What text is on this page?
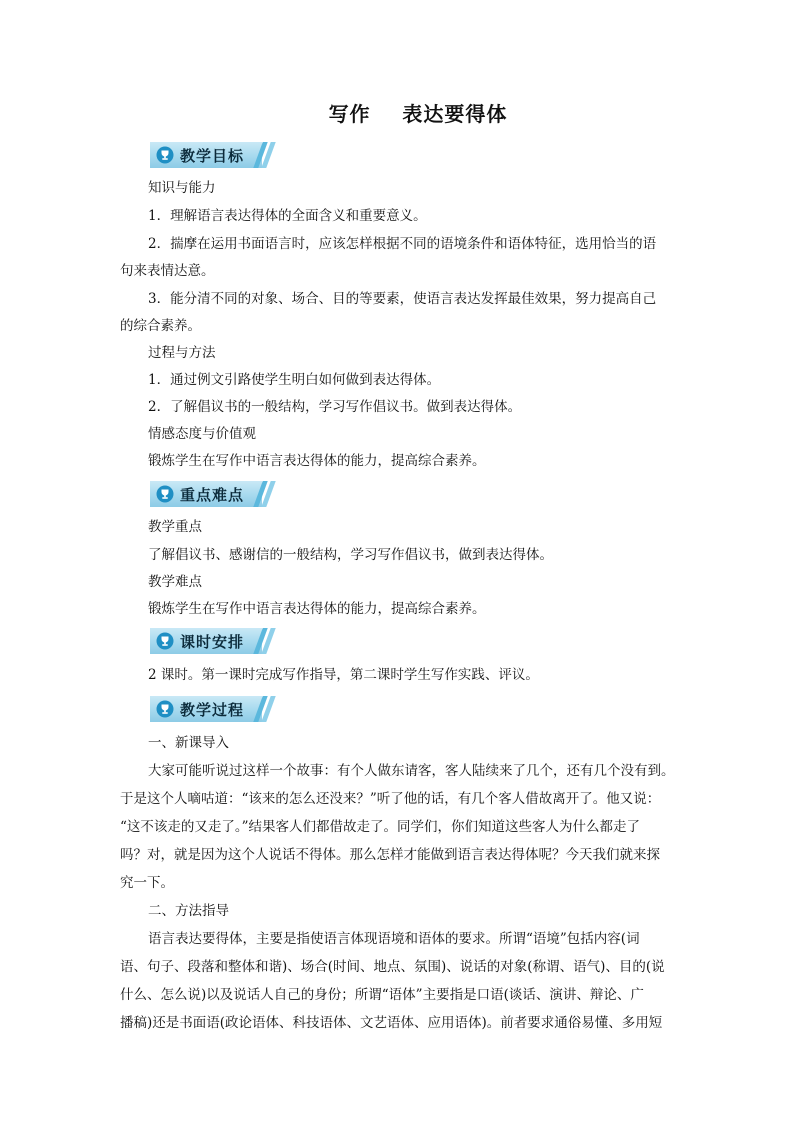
写作    表达要得体
教学目标
知识与能力
1．理解语言表达得体的全面含义和重要意义。
2．揣摩在运用书面语言时，应该怎样根据不同的语境条件和语体特征，选用恰当的语
句来表情达意。
3．能分清不同的对象、场合、目的等要素，使语言表达发挥最佳效果，努力提高自己
的综合素养。
过程与方法
1．通过例文引路使学生明白如何做到表达得体。
2．了解倡议书的一般结构，学习写作倡议书。做到表达得体。
情感态度与价值观
锻炼学生在写作中语言表达得体的能力，提高综合素养。
重点难点
教学重点
了解倡议书、感谢信的一般结构，学习写作倡议书，做到表达得体。
教学难点
锻炼学生在写作中语言表达得体的能力，提高综合素养。
课时安排
2 课时。第一课时完成写作指导，第二课时学生写作实践、评议。
教学过程
一、新课导入
大家可能听说过这样一个故事：有个人做东请客，客人陆续来了几个，还有几个没有到。
于是这个人嘀咕道：“该来的怎么还没来？”听了他的话，有几个客人借故离开了。他又说：
“这不该走的又走了。”结果客人们都借故走了。同学们，你们知道这些客人为什么都走了
吗？对，就是因为这个人说话不得体。那么怎样才能做到语言表达得体呢？今天我们就来探
究一下。
二、方法指导
语言表达要得体，主要是指使语言体现语境和语体的要求。所谓“语境”包括内容(词
语、句子、段落和整体和谐)、场合(时间、地点、氛围)、说话的对象(称谓、语气)、目的(说
什么、怎么说)以及说话人自己的身份；所谓“语体”主要指是口语(谈话、演讲、辩论、广
播稿)还是书面语(政论语体、科技语体、文艺语体、应用语体)。前者要求通俗易懂、多用短
